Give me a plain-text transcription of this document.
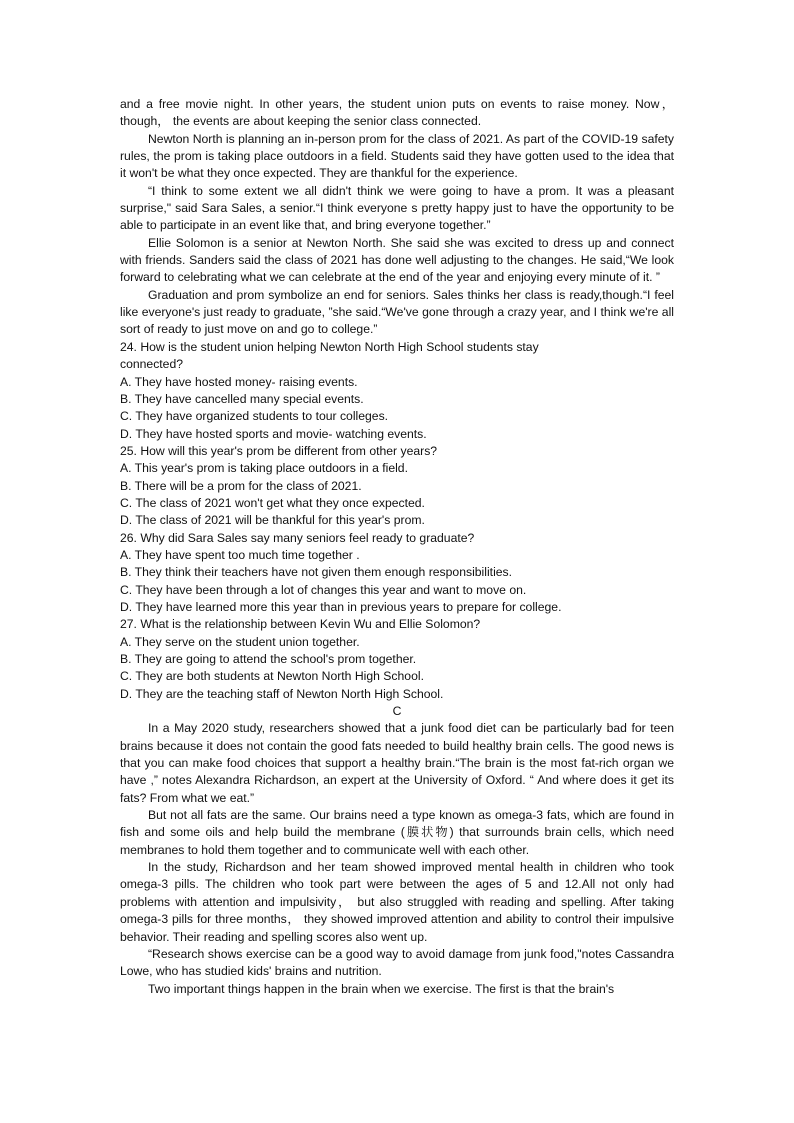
and a free movie night. In other years, the student union puts on events to raise money. Now， though， the events are about keeping the senior class connected.

Newton North is planning an in-person prom for the class of 2021. As part of the COVID-19 safety rules, the prom is taking place outdoors in a field. Students said they have gotten used to the idea that it won't be what they once expected. They are thankful for the experience.

“I think to some extent we all didn't think we were going to have a prom. It was a pleasant surprise," said Sara Sales, a senior.“I think everyone s pretty happy just to have the opportunity to be able to participate in an event like that, and bring everyone together.”

Ellie Solomon is a senior at Newton North. She said she was excited to dress up and connect with friends. Sanders said the class of 2021 has done well adjusting to the changes. He said,“We look forward to celebrating what we can celebrate at the end of the year and enjoying every minute of it. ”

Graduation and prom symbolize an end for seniors. Sales thinks her class is ready,though.“I feel like everyone's just ready to graduate, ”she said.“We've gone through a crazy year, and I think we're all sort of ready to just move on and go to college.”

24. How is the student union helping Newton North High School students stay connected?

A. They have hosted money- raising events.

B. They have cancelled many special events.

C. They have organized students to tour colleges.

D. They have hosted sports and movie- watching events.

25. How will this year's prom be different from other years?

A. This year's prom is taking place outdoors in a field.

B. There will be a prom for the class of 2021.

C. The class of 2021 won't get what they once expected.

D. The class of 2021 will be thankful for this year's prom.

26. Why did Sara Sales say many seniors feel ready to graduate?

A. They have spent too much time together .

B. They think their teachers have not given them enough responsibilities.

C. They have been through a lot of changes this year and want to move on.

D. They have learned more this year than in previous years to prepare for college.

27. What is the relationship between Kevin Wu and Ellie Solomon?

A. They serve on the student union together.

B. They are going to attend the school's prom together.

C. They are both students at Newton North High School.

D. They are the teaching staff of Newton North High School.

C

In a May 2020 study, researchers showed that a junk food diet can be particularly bad for teen brains because it does not contain the good fats needed to build healthy brain cells. The good news is that you can make food choices that support a healthy brain.“The brain is the most fat-rich organ we have ,” notes Alexandra Richardson, an expert at the University of Oxford. “ And where does it get its fats? From what we eat.”

But not all fats are the same. Our brains need a type known as omega-3 fats, which are found in fish and some oils and help build the membrane (膜状物) that surrounds brain cells, which need membranes to hold them together and to communicate well with each other.

In the study, Richardson and her team showed improved mental health in children who took omega-3 pills. The children who took part were between the ages of 5 and 12.All not only had problems with attention and impulsivity， but also struggled with reading and spelling. After taking omega-3 pills for three months， they showed improved attention and ability to control their impulsive behavior. Their reading and spelling scores also went up.

“Research shows exercise can be a good way to avoid damage from junk food,"notes Cassandra Lowe, who has studied kids' brains and nutrition.

Two important things happen in the brain when we exercise. The first is that the brain's
